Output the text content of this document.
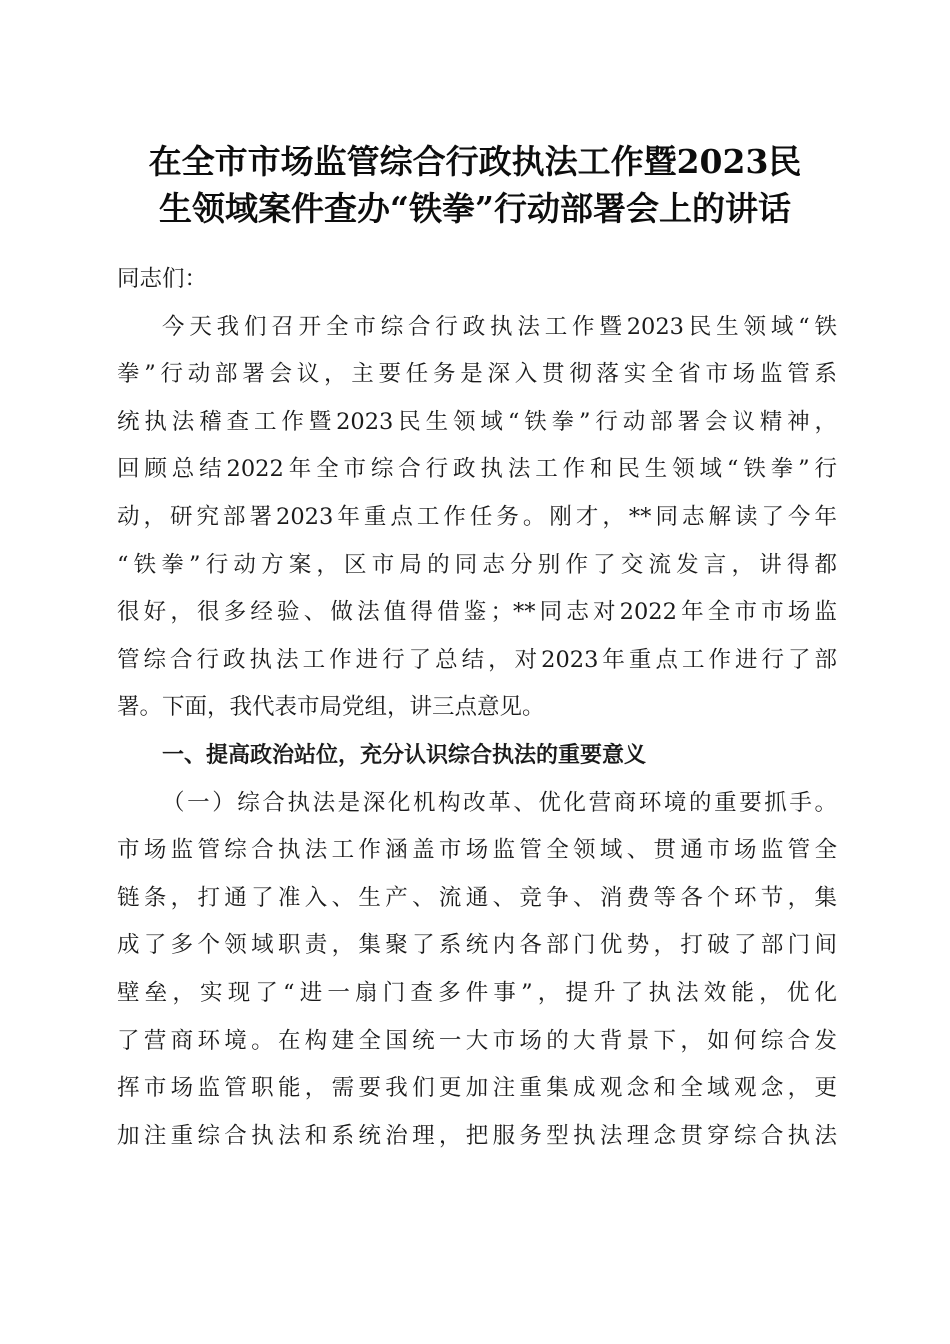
在全市市场监管综合行政执法工作暨2023民
生领域案件查办“铁拳”行动部署会上的讲话
同志们：
今天我们召开全市综合行政执法工作暨2023民生领域“铁
拳”行动部署会议，主要任务是深入贯彻落实全省市场监管系
统执法稽查工作暨2023民生领域“铁拳”行动部署会议精神，
回顾总结2022年全市综合行政执法工作和民生领域“铁拳”行
动，研究部署2023年重点工作任务。刚才，**同志解读了今年
“铁拳”行动方案，区市局的同志分别作了交流发言，讲得都
很好，很多经验、做法值得借鉴；**同志对2022年全市市场监
管综合行政执法工作进行了总结，对2023年重点工作进行了部
署。下面，我代表市局党组，讲三点意见。
一、提高政治站位，充分认识综合执法的重要意义
（一）综合执法是深化机构改革、优化营商环境的重要抓手。
市场监管综合执法工作涵盖市场监管全领域、贯通市场监管全
链条，打通了准入、生产、流通、竞争、消费等各个环节，集
成了多个领域职责，集聚了系统内各部门优势，打破了部门间
壁垒，实现了“进一扇门查多件事”，提升了执法效能，优化
了营商环境。在构建全国统一大市场的大背景下，如何综合发
挥市场监管职能，需要我们更加注重集成观念和全域观念，更
加注重综合执法和系统治理，把服务型执法理念贯穿综合执法
